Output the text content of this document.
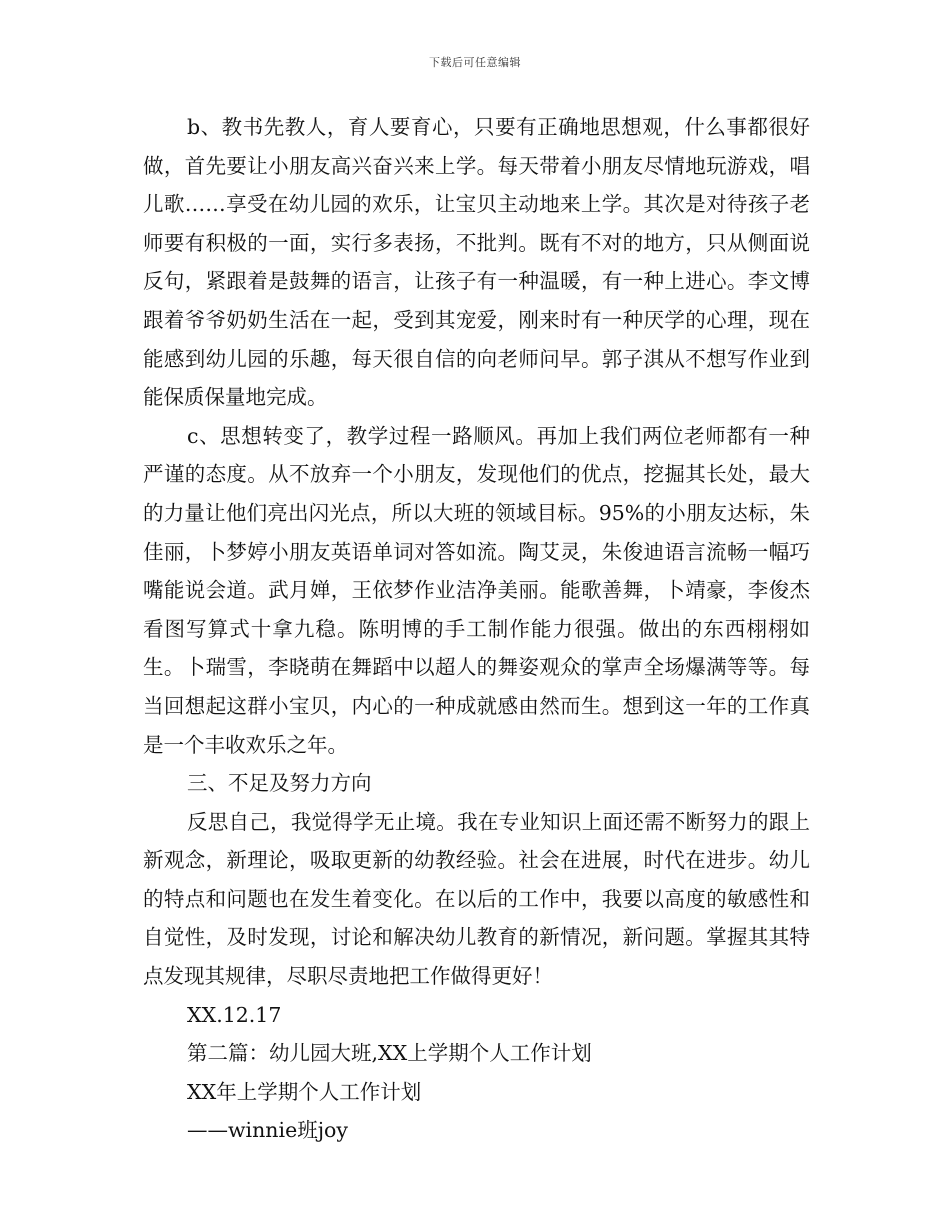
下载后可任意编辑

b、教书先教人，育人要育心，只要有正确地思想观，什么事都很好做，首先要让小朋友高兴奋兴来上学。每天带着小朋友尽情地玩游戏，唱儿歌……享受在幼儿园的欢乐，让宝贝主动地来上学。其次是对待孩子老师要有积极的一面，实行多表扬，不批判。既有不对的地方，只从侧面说反句，紧跟着是鼓舞的语言，让孩子有一种温暖，有一种上进心。李文博跟着爷爷奶奶生活在一起，受到其宠爱，刚来时有一种厌学的心理，现在能感到幼儿园的乐趣，每天很自信的向老师问早。郭子淇从不想写作业到能保质保量地完成。

c、思想转变了，教学过程一路顺风。再加上我们两位老师都有一种严谨的态度。从不放弃一个小朋友，发现他们的优点，挖掘其长处，最大的力量让他们亮出闪光点，所以大班的领域目标。95%的小朋友达标，朱佳丽，卜梦婷小朋友英语单词对答如流。陶艾灵，朱俊迪语言流畅一幅巧嘴能说会道。武月婵，王依梦作业洁净美丽。能歌善舞，卜靖豪，李俊杰看图写算式十拿九稳。陈明博的手工制作能力很强。做出的东西栩栩如生。卜瑞雪，李晓萌在舞蹈中以超人的舞姿观众的掌声全场爆满等等。每当回想起这群小宝贝，内心的一种成就感由然而生。想到这一年的工作真是一个丰收欢乐之年。

三、不足及努力方向

反思自己，我觉得学无止境。我在专业知识上面还需不断努力的跟上新观念，新理论，吸取更新的幼教经验。社会在进展，时代在进步。幼儿的特点和问题也在发生着变化。在以后的工作中，我要以高度的敏感性和自觉性，及时发现，讨论和解决幼儿教育的新情况，新问题。掌握其其特点发现其规律，尽职尽责地把工作做得更好！

XX.12.17

第二篇：幼儿园大班,XX上学期个人工作计划

XX年上学期个人工作计划

——winnie班joy
